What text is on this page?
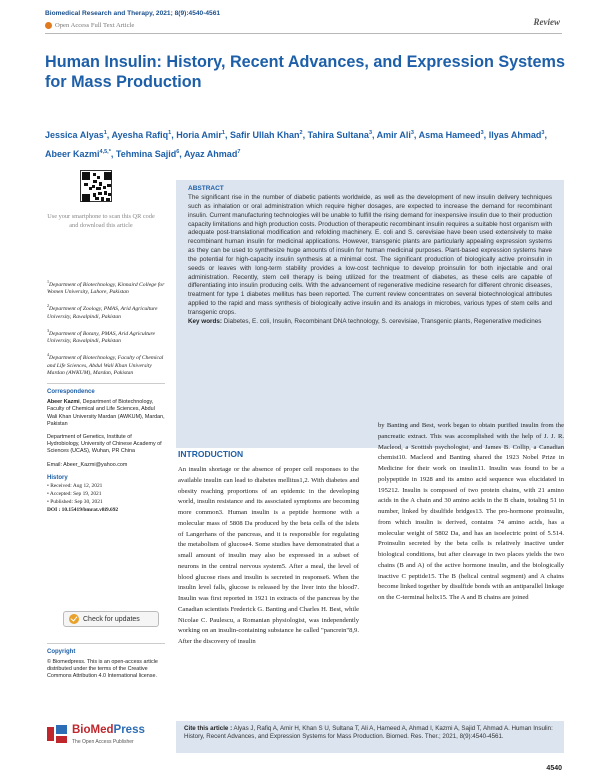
Biomedical Research and Therapy, 2021; 8(9):4540-4561
Open Access Full Text Article	Review
Human Insulin: History, Recent Advances, and Expression Systems for Mass Production
Jessica Alyas$^1$, Ayesha Rafiq$^1$, Horia Amir$^1$, Safir Ullah Khan$^2$, Tahira Sultana$^3$, Amir Ali$^3$, Asma Hameed$^3$, Ilyas Ahmad$^3$, Abeer Kazmi$^{4,5,*}$, Tehmina Sajid$^6$, Ayaz Ahmad$^7$
Use your smartphone to scan this QR code and download this article
$^1$Department of Biotechnology, Kinnaird College for Women University, Lahore, Pakistan
$^2$Department of Zoology, PMAS, Arid Agriculture University, Rawalpindi, Pakistan
$^3$Department of Botany, PMAS, Arid Agriculture University, Rawalpindi, Pakistan
$^4$Department of Biotechnology, Faculty of Chemical and Life Sciences, Abdul Wali Khan University Mardan (AWKUM), Mardan, Pakistan
Correspondence
Abeer Kazmi, Department of Biotechnology, Faculty of Chemical and Life Sciences, Abdul Wali Khan University Mardan (AWKUM), Mardan, Pakistan
Department of Genetics, Institute of Hydrobiology, University of Chinese Academy of Sciences (UCAS), Wuhan, PR China
Email: Abeer_Kazmi@yahoo.com
History
• Received: Aug 12, 2021
• Accepted: Sep 19, 2021
• Published: Sep 30, 2021
DOI : 10.15419/bmrat.v8i9.692
Check for updates
Copyright
© Biomedpress. This is an open-access article distributed under the terms of the Creative Commons Attribution 4.0 International license.
ABSTRACT
The significant rise in the number of diabetic patients worldwide, as well as the development of new insulin delivery techniques such as inhalation or oral administration which require higher dosages, are expected to increase the demand for recombinant insulin. Current manufacturing technologies will be unable to fulfill the rising demand for inexpensive insulin due to their production capacity limitations and high production costs. Production of therapeutic recombinant insulin requires a suitable host organism with adequate post-translational modification and refolding machinery. E. coli and S. cerevisiae have been used extensively to make recombinant human insulin for medicinal applications. However, transgenic plants are particularly appealing expression systems as they can be used to synthesize huge amounts of insulin for human medicinal purposes. Plant-based expression systems have the potential for high-capacity insulin synthesis at a minimal cost. The significant production of biologically active proinsulin in seeds or leaves with long-term stability provides a low-cost technique to develop proinsulin for both injectable and oral administration. Recently, stem cell therapy is being utilized for the treatment of diabetes, as these cells are capable of differentiating into insulin producing cells. With the advancement of regenerative medicine research for different chronic diseases, treatment for type 1 diabetes mellitus has been reported. The current review concentrates on several biotechnological attributes applied to the rapid and mass synthesis of biologically active insulin and its analogs in microbes, various types of stem cells and transgenic crops.
Key words: Diabetes, E. coli, Insulin, Recombinant DNA technology, S. cerevisiae, Transgenic plants, Regenerative medicines
INTRODUCTION
An insulin shortage or the absence of proper cell responses to the available insulin can lead to diabetes mellitus1,2. With diabetes and obesity reaching proportions of an epidemic in the developing world, insulin resistance and its associated symptoms are becoming more common3. Human insulin is a peptide hormone with a molecular mass of 5808 Da produced by the beta cells of the islets of Langerhans of the pancreas, and it is responsible for regulating the metabolism of glucose4. Some studies have demonstrated that a small amount of insulin may also be expressed in a subset of neurons in the central nervous system5. After a meal, the level of blood glucose rises and insulin is secreted in response6. When the insulin level falls, glucose is released by the liver into the blood7. Insulin was first reported in 1921 in extracts of the pancreas by the Canadian scientists Frederick G. Banting and Charles H. Best, while Nicolae C. Paulescu, a Romanian physiologist, was independently working on an insulin-containing substance he called "pancrein"8,9. After the discovery of insulin
by Banting and Best, work began to obtain purified insulin from the pancreatic extract. This was accomplished with the help of J. J. R. Macleod, a Scottish psychologist, and James B. Collip, a Canadian chemist10. Macleod and Banting shared the 1923 Nobel Prize in Medicine for their work on insulin11. Insulin was found to be a polypeptide in 1928 and its amino acid sequence was elucidated in 195212. Insulin is composed of two protein chains, with 21 amino acids in the A chain and 30 amino acids in the B chain, totaling 51 in number, linked by disulfide bridges13. The pro-hormone proinsulin, from which insulin is derived, contains 74 amino acids, has a molecular weight of 5802 Da, and has an isoelectric point of 5.514. Proinsulin secreted by the beta cells is relatively inactive under biological conditions, but after cleavage in two places yields the two chains (B and A) of the active hormone insulin, and the biologically inactive C peptide15. The B (helical central segment) and A chains become linked together by disulfide bonds with an antiparallel linkage on the C-terminal helix15. The A and B chains are joined
BioMedPress
The Open Access Publisher
Cite this article : Alyas J, Rafiq A, Amir H, Khan S U, Sultana T, Ali A, Hameed A, Ahmad I, Kazmi A, Sajid T, Ahmad A. Human Insulin: History, Recent Advances, and Expression Systems for Mass Production. Biomed. Res. Ther.; 2021, 8(9):4540-4561.
4540
